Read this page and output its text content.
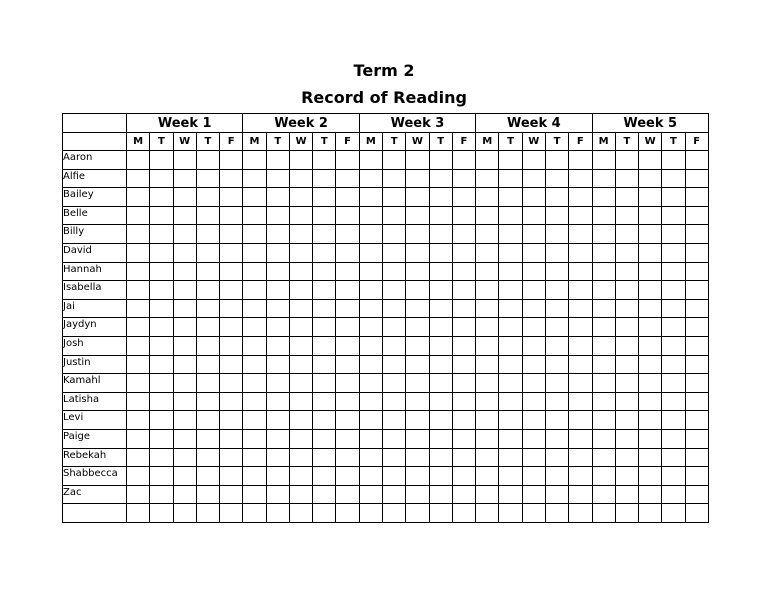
Term 2
Record of Reading
	Week 1					Week 2					Week 3					Week 4					Week 5				
	M	T	W	T	F	M	T	W	T	F	M	T	W	T	F	M	T	W	T	F	M	T	W	T	F
Aaron																									
Alfie																									
Bailey																									
Belle																									
Billy																									
David																									
Hannah																									
Isabella																									
Jai																									
Jaydyn																									
Josh																									
Justin																									
Kamahl																									
Latisha																									
Levi																									
Paige																									
Rebekah																									
Shabbecca																									
Zac																									
